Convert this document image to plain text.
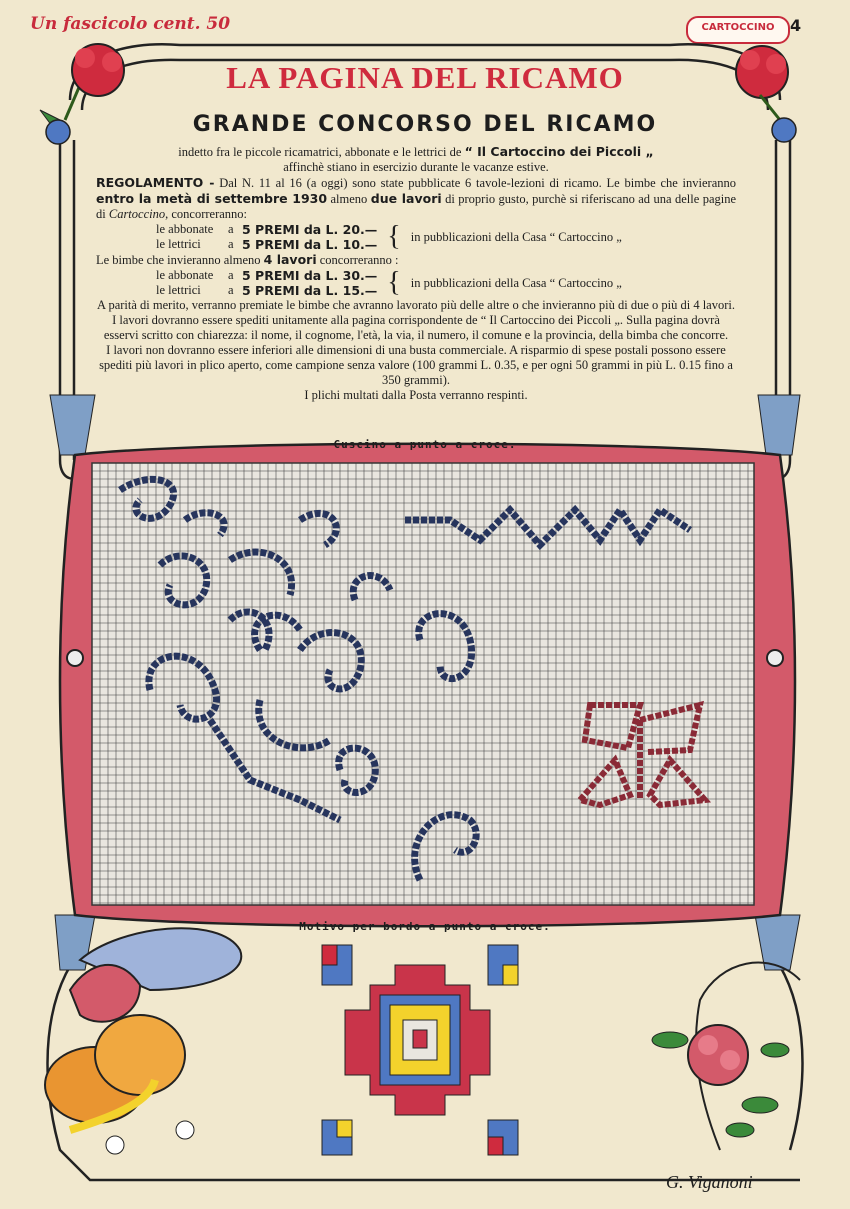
Un fascicolo cent. 50	CARTOCCINO 4
LA PAGINA DEL RICAMO
GRANDE CONCORSO DEL RICAMO

indetto fra le piccole ricamatrici, abbonate e le lettrici de “ Il Cartoccino dei Piccoli „

affinchè stiano in esercizio durante le vacanze estive.

REGOLAMENTO - Dal N. 11 al 16 (a oggi) sono state pubblicate 6 tavole-lezioni di ricamo. Le bimbe che invieranno entro la metà di settembre 1930 almeno due lavori di proprio gusto, purchè si riferiscano ad una delle pagine di Cartoccino, concorreranno:

le abbonate	a 5 PREMI da L. 20.—
le lettrici	a 5 PREMI da L. 10.— { in pubblicazioni della Casa “ Cartoccino „

Le bimbe che invieranno almeno 4 lavori concorreranno :

le abbonate	a 5 PREMI da L. 30.—
le lettrici	a 5 PREMI da L. 15.— { in pubblicazioni della Casa “ Cartoccino „

A parità di merito, verranno premiate le bimbe che avranno lavorato più delle altre o che invieranno più di due o più di 4 lavori.

I lavori dovranno essere spediti unitamente alla pagina corrispondente de “ Il Cartoccino dei Piccoli „. Sulla pagina dovrà esservi scritto con chiarezza: il nome, il cognome, l'età, la via, il numero, il comune e la provincia, della bimba che concorre.

I lavori non dovranno essere inferiori alle dimensioni di una busta commerciale. A risparmio di spese postali possono essere spediti più lavori in plico aperto, come campione senza valore (100 grammi L. 0.35, e per ogni 50 grammi in più L. 0.15 fino a 350 grammi).

I plichi multati dalla Posta verranno respinti.

Cuscino a punto a croce.
Motivo per bordo a punto a croce.
G. Viganoni
